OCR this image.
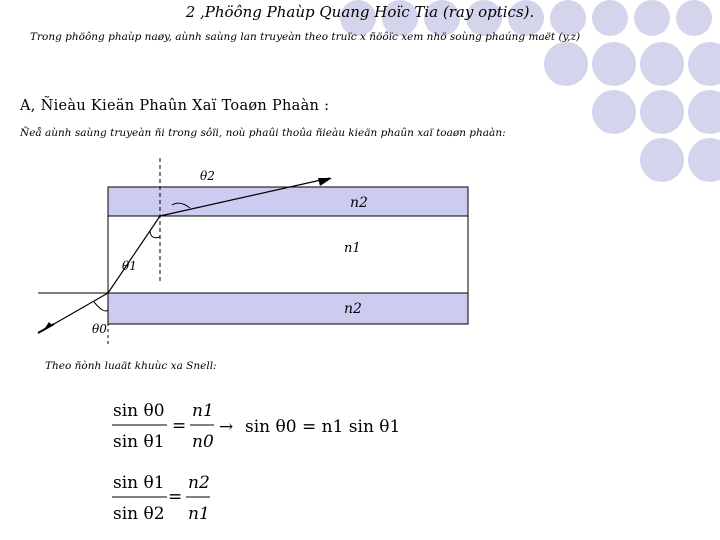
2 ,Phöông Phaùp Quang Hoïc Tia (ray optics).
Trong phöông phaùp naøy, aùnh saùng lan truyeàn theo truïc x ñöôïc xem nhö soùng phaúng maët (y,z)
A, Ñieàu Kieän Phaûn Xaï Toaøn Phaàn :
Ñeå aùnh saùng truyeàn ñi trong sôïi, noù phaûi thoûa ñieàu kieän phaûn xaï toaøn phaàn:
θ2
θ1
θ0
n2
n1
n2
Theo ñònh luaät khuùc xa Snell:
sin θ0
sin θ1
=
n1
n0
→ sin θ0 = n1 sin θ1
sin θ1
sin θ2
=
n2
n1
